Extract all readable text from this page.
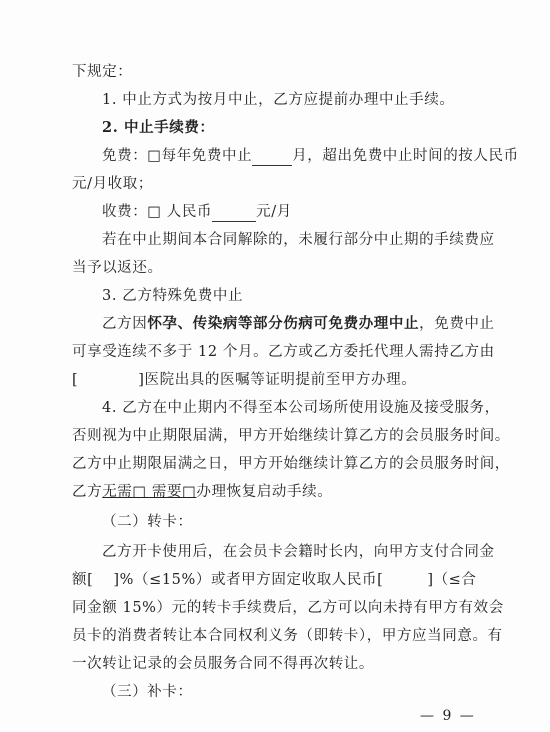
下规定：
1. 中止方式为按月中止，乙方应提前办理中止手续。
2. 中止手续费：
免费：□每年免费中止	月，超出免费中止时间的按人民币
元/月收取；
收费：□ 人民币	元/月
若在中止期间本合同解除的，未履行部分中止期的手续费应
当予以返还。
3. 乙方特殊免费中止
乙方因怀孕、传染病等部分伤病可免费办理中止，免费中止
可享受连续不多于 12 个月。乙方或乙方委托代理人需持乙方由
[	]医院出具的医嘱等证明提前至甲方办理。
4. 乙方在中止期内不得至本公司场所使用设施及接受服务，
否则视为中止期限届满，甲方开始继续计算乙方的会员服务时间。
乙方中止期限届满之日，甲方开始继续计算乙方的会员服务时间，
乙方无需□ 需要□办理恢复启动手续。
（二）转卡：
乙方开卡使用后，在会员卡会籍时长内，向甲方支付合同金
额[ ]%（≤15%）或者甲方固定收取人民币[	]（≤合
同金额 15%）元的转卡手续费后，乙方可以向未持有甲方有效会
员卡的消费者转让本合同权利义务（即转卡），甲方应当同意。有
一次转让记录的会员服务合同不得再次转让。
（三）补卡：
— 9 —
